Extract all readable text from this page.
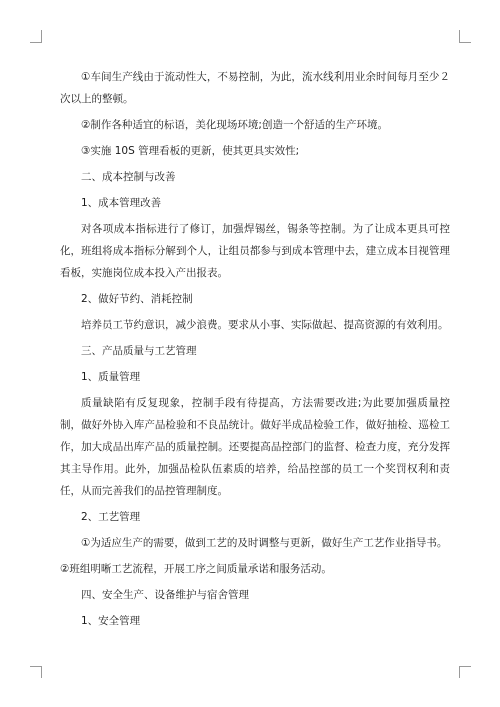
①车间生产线由于流动性大，不易控制，为此，流水线利用业余时间每月至少２次以上的整顿。

②制作各种适宜的标语，美化现场环境;创造一个舒适的生产环境。

③实施 10S 管理看板的更新，使其更具实效性;

二、成本控制与改善

1、成本管理改善

对各项成本指标进行了修订，加强焊锡丝，锡条等控制。为了让成本更具可控化，班组将成本指标分解到个人，让组员都参与到成本管理中去，建立成本目视管理看板，实施岗位成本投入产出报表。

2、做好节约、消耗控制

培养员工节约意识，减少浪费。要求从小事、实际做起、提高资源的有效利用。

三、产品质量与工艺管理

1、质量管理

质量缺陷有反复现象，控制手段有待提高，方法需要改进;为此要加强质量控制，做好外协入库产品检验和不良品统计。做好半成品检验工作，做好抽检、巡检工作，加大成品出库产品的质量控制。还要提高品控部门的监督、检查力度，充分发挥其主导作用。此外，加强品检队伍素质的培养，给品控部的员工一个奖罚权利和责任，从而完善我们的品控管理制度。

2、工艺管理

①为适应生产的需要，做到工艺的及时调整与更新，做好生产工艺作业指导书。

②班组明晰工艺流程，开展工序之间质量承诺和服务活动。

四、安全生产、设备维护与宿舍管理

1、安全管理
